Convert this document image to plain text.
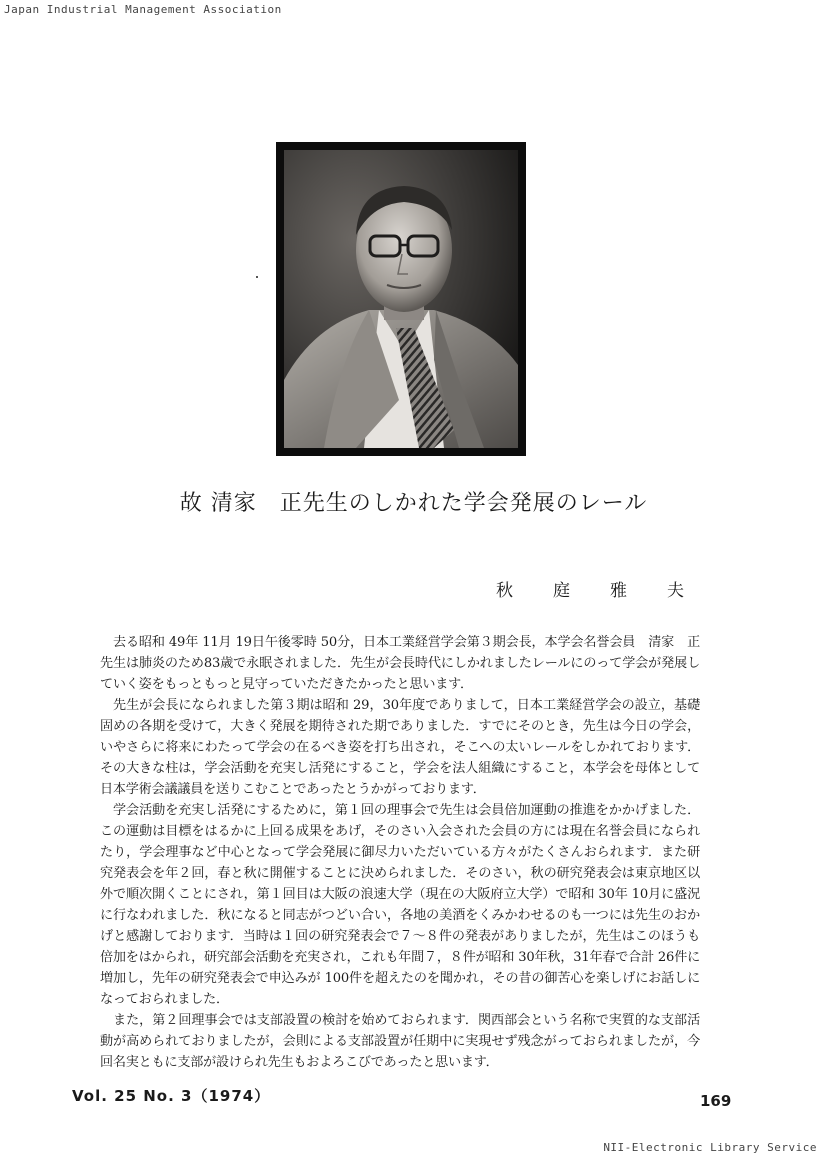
Japan Industrial Management Association
故 清家　正先生のしかれた学会発展のレール
秋庭雅夫

去る昭和 49年 11月 19日午後零時 50分，日本工業経営学会第３期会長，本学会名誉会員　清家　正先生は肺炎のため83歳で永眠されました．先生が会長時代にしかれましたレールにのって学会が発展していく姿をもっともっと見守っていただきたかったと思います．

先生が会長になられました第３期は昭和 29，30年度でありまして，日本工業経営学会の設立，基礎固めの各期を受けて，大きく発展を期待された期でありました．すでにそのとき，先生は今日の学会，いやさらに将来にわたって学会の在るべき姿を打ち出され，そこへの太いレールをしかれております．その大きな柱は，学会活動を充実し活発にすること，学会を法人組織にすること，本学会を母体として日本学術会議議員を送りこむことであったとうかがっております．

学会活動を充実し活発にするために，第１回の理事会で先生は会員倍加運動の推進をかかげました．この運動は目標をはるかに上回る成果をあげ，そのさい入会された会員の方には現在名誉会員になられたり，学会理事など中心となって学会発展に御尽力いただいている方々がたくさんおられます．また研究発表会を年２回，春と秋に開催することに決められました．そのさい，秋の研究発表会は東京地区以外で順次開くことにされ，第１回目は大阪の浪速大学（現在の大阪府立大学）で昭和 30年 10月に盛況に行なわれました．秋になると同志がつどい合い，各地の美酒をくみかわせるのも一つには先生のおかげと感謝しております．当時は１回の研究発表会で７～８件の発表がありましたが，先生はこのほうも倍加をはかられ，研究部会活動を充実され，これも年間７，８件が昭和 30年秋，31年春で合計 26件に増加し，先年の研究発表会で申込みが 100件を超えたのを聞かれ，その昔の御苦心を楽しげにお話しになっておられました．

また，第２回理事会では支部設置の検討を始めておられます．関西部会という名称で実質的な支部活動が高められておりましたが，会則による支部設置が任期中に実現せず残念がっておられましたが，今回名実ともに支部が設けられ先生もおよろこびであったと思います．

Vol. 25 No. 3（1974）	169
NII-Electronic Library Service
